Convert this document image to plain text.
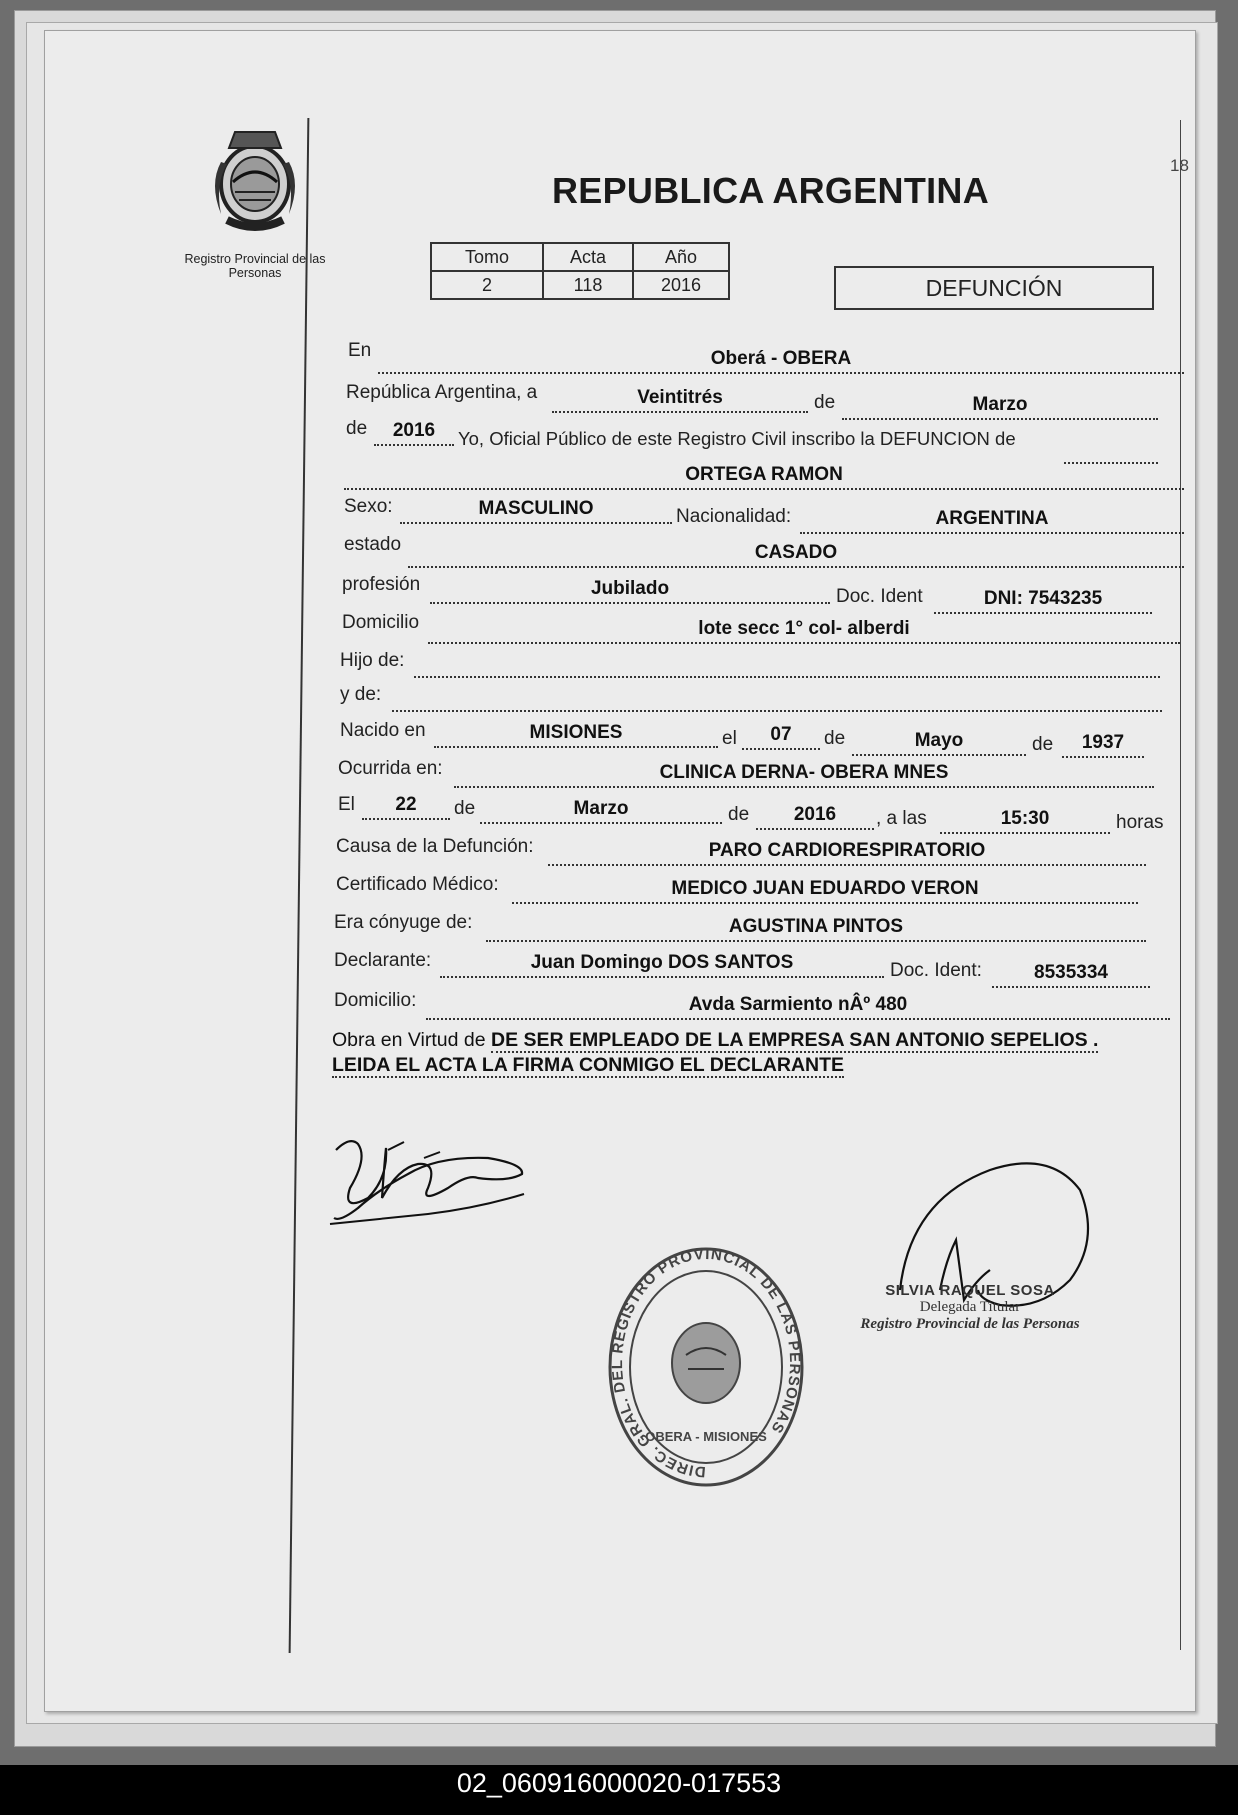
Registro Provincial de las Personas
18
REPUBLICA ARGENTINA
Tomo	Acta	Año
2	118	2016	DEFUNCIÓN
En	Oberá - OBERA
República Argentina, a	Veintitrés	de	Marzo
de	2016	Yo, Oficial Público de este Registro Civil inscribo la DEFUNCION de
ORTEGA RAMON
Sexo:	MASCULINO	Nacionalidad:	ARGENTINA
estado	CASADO
profesión	Jubilado	Doc. Ident	DNI: 7543235
Domicilio	lote secc 1° col- alberdi
Hijo de:
y de:
Nacido en	MISIONES	el	07	de	Mayo	de	1937
Ocurrida en:	CLINICA DERNA- OBERA MNES
El	22	de	Marzo	de	2016	, a las	15:30	horas
Causa de la Defunción:	PARO CARDIORESPIRATORIO
Certificado Médico:	MEDICO JUAN EDUARDO VERON
Era cónyuge de:	AGUSTINA PINTOS
Declarante:	Juan Domingo DOS SANTOS	Doc. Ident:	8535334
Domicilio:	Avda Sarmiento nÂº 480
Obra en Virtud de DE SER EMPLEADO DE LA EMPRESA SAN ANTONIO SEPELIOS .
LEIDA EL ACTA LA FIRMA CONMIGO EL DECLARANTE
DIREC. GRAL. DEL REGISTRO PROVINCIAL DE LAS PERSONAS
OBERA - MISIONES
SILVIA RAQUEL SOSA
Delegada Titular
Registro Provincial de las Personas
02_060916000020-017553
